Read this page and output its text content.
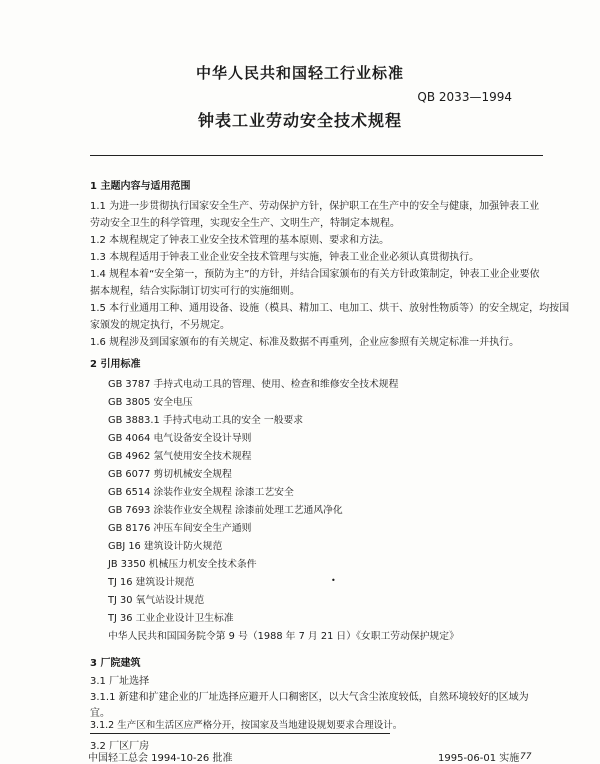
中华人民共和国轻工行业标准
QB 2033—1994
钟表工业劳动安全技术规程
1 主题内容与适用范围
1.1 为进一步贯彻执行国家安全生产、劳动保护方针，保护职工在生产中的安全与健康，加强钟表工业
劳动安全卫生的科学管理，实现安全生产、文明生产，特制定本规程。
1.2 本规程规定了钟表工业安全技术管理的基本原则、要求和方法。
1.3 本规程适用于钟表工业企业安全技术管理与实施，钟表工业企业必须认真贯彻执行。
1.4 规程本着“安全第一，预防为主”的方针，并结合国家颁布的有关方针政策制定，钟表工业企业要依
据本规程，结合实际制订切实可行的实施细则。
1.5 本行业通用工种、通用设备、设施（模具、精加工、电加工、烘干、放射性物质等）的安全规定，均按国
家颁发的规定执行，不另规定。
1.6 规程涉及到国家颁布的有关规定、标准及数据不再重列，企业应参照有关规定标准一并执行。
2 引用标准
GB 3787 手持式电动工具的管理、使用、检查和维修安全技术规程
GB 3805 安全电压
GB 3883.1 手持式电动工具的安全 一般要求
GB 4064 电气设备安全设计导则
GB 4962 氢气使用安全技术规程
GB 6077 剪切机械安全规程
GB 6514 涂装作业安全规程 涂漆工艺安全
GB 7693 涂装作业安全规程 涂漆前处理工艺通风净化
GB 8176 冲压车间安全生产通则
GBJ 16 建筑设计防火规范
JB 3350 机械压力机安全技术条件
TJ 16 建筑设计规范
TJ 30 氧气站设计规范
TJ 36 工业企业设计卫生标准
中华人民共和国国务院令第 9 号（1988 年 7 月 21 日）《女职工劳动保护规定》
•
3 厂院建筑
3.1 厂址选择
3.1.1 新建和扩建企业的厂址选择应避开人口稠密区，以大气含尘浓度较低，自然环境较好的区域为
宜。
3.1.2 生产区和生活区应严格分开，按国家及当地建设规划要求合理设计。
3.2 厂区厂房
中国轻工总会 1994-10-26 批准	1995-06-01 实施 77
